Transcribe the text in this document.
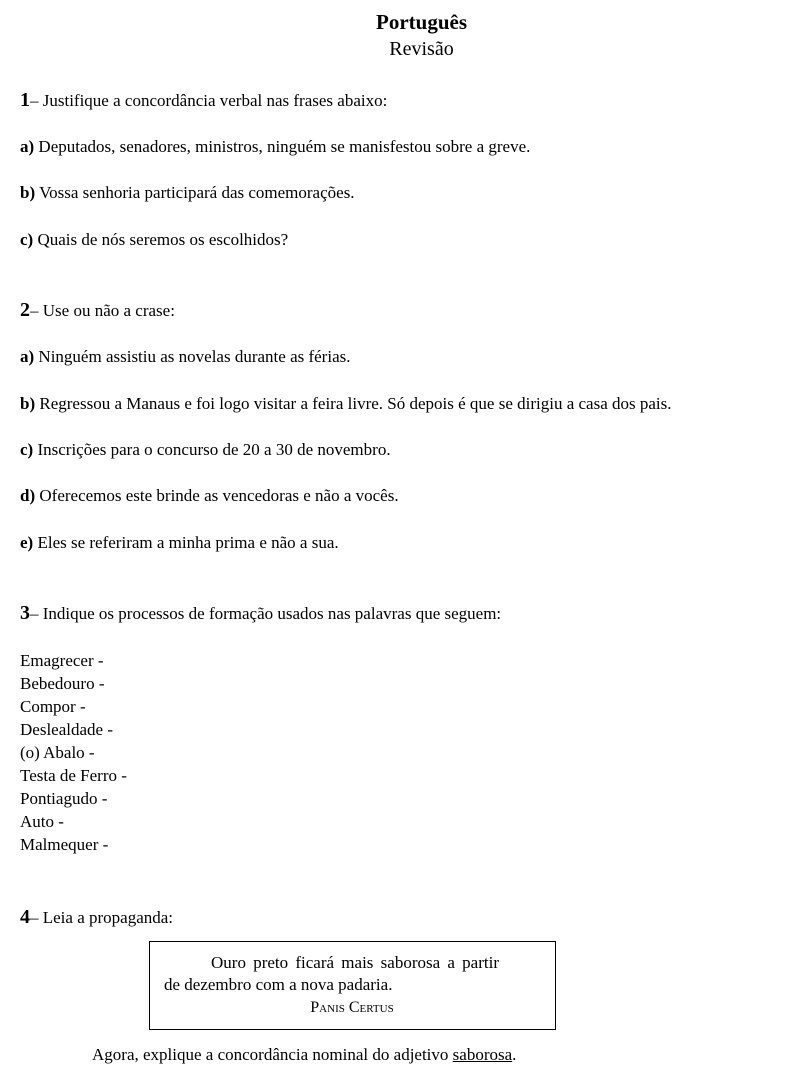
Português
Revisão
1– Justifique a concordância verbal nas frases abaixo:
a) Deputados, senadores, ministros, ninguém se manisfestou sobre a greve.
b) Vossa senhoria participará das comemorações.
c) Quais de nós seremos os escolhidos?
2– Use ou não a crase:
a) Ninguém assistiu as novelas durante as férias.
b) Regressou a Manaus e foi logo visitar a feira livre. Só depois é que se dirigiu a casa dos pais.
c) Inscrições para o concurso de 20 a 30 de novembro.
d) Oferecemos este brinde as vencedoras e não a vocês.
e) Eles se referiram a minha prima e não a sua.
3– Indique os processos de formação usados nas palavras que seguem:
Emagrecer -
Bebedouro -
Compor -
Deslealdade -
(o) Abalo -
Testa de Ferro -
Pontiagudo -
Auto -
Malmequer -
4– Leia a propaganda:
Ouro preto ficará mais saborosa a partir
de dezembro com a nova padaria.
Panis Certus
Agora, explique a concordância nominal do adjetivo saborosa.
